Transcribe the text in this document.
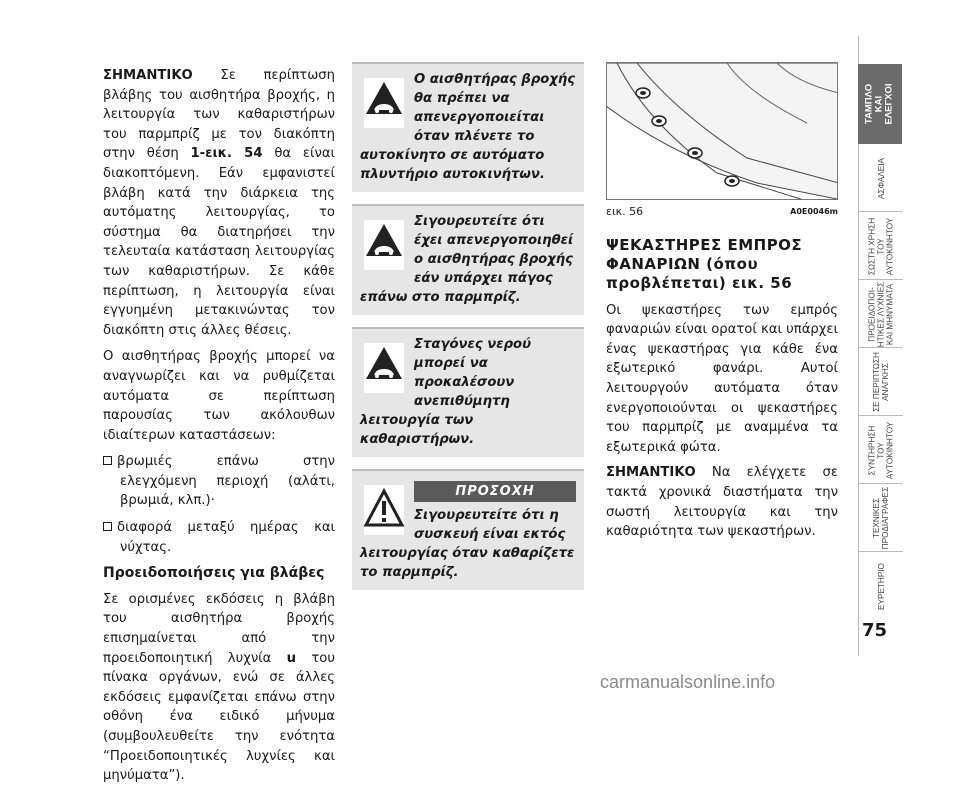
ΣΗΜΑΝΤΙΚΟ Σε περίπτωση βλάβης του αισθητήρα βροχής, η λειτουργία των καθαριστήρων του παρμπρίζ με τον διακόπτη στην θέση 1-εικ. 54 θα είναι διακοπτόμενη. Εάν εμφανιστεί βλάβη κατά την διάρκεια της αυτόματης λειτουργίας, το σύστημα θα διατηρήσει την τελευταία κατάσταση λειτουργίας των καθαριστήρων. Σε κάθε περίπτωση, η λειτουργία είναι εγγυημένη μετακινώντας τον διακόπτη στις άλλες θέσεις.

Ο αισθητήρας βροχής μπορεί να αναγνωρίζει και να ρυθμίζεται αυτόματα σε περίπτωση παρουσίας των ακόλουθων ιδιαίτερων καταστάσεων:

βρωμιές επάνω στην ελεγχόμενη περιοχή (αλάτι, βρωμιά, κλπ.)·

διαφορά μεταξύ ημέρας και νύχτας.

Προειδοποιήσεις για βλάβες

Σε ορισμένες εκδόσεις η βλάβη του αισθητήρα βροχής επισημαίνεται από την προειδοποιητική λυχνία u του πίνακα οργάνων, ενώ σε άλλες εκδόσεις εμφανίζεται επάνω στην οθόνη ένα ειδικό μήνυμα (συμβουλευθείτε την ενότητα “Προειδοποιητικές λυχνίες και μηνύματα”).

Ο αισθητήρας βροχής θα πρέπει να απενεργοποιείται όταν πλένετε το αυτοκίνητο σε αυτόματο πλυντήριο αυτοκινήτων.
Σιγουρευτείτε ότι έχει απενεργοποιηθεί ο αισθητήρας βροχής εάν υπάρχει πάγος επάνω στο παρμπρίζ.
Σταγόνες νερού μπορεί να προκαλέσουν ανεπιθύμητη λειτουργία των καθαριστήρων.
ΠΡΟΣΟΧΗ
Σιγουρευτείτε ότι η συσκευή είναι εκτός λειτουργίας όταν καθαρίζετε το παρμπρίζ.
εικ. 56	A0E0046m
ΨΕΚΑΣΤΗΡΕΣ ΕΜΠΡΟΣ ΦΑΝΑΡΙΩΝ (όπου προβλέπεται) εικ. 56

Οι ψεκαστήρες των εμπρός φαναριών είναι ορατοί και υπάρχει ένας ψεκαστήρας για κάθε ένα εξωτερικό φανάρι. Αυτοί λειτουργούν αυτόματα όταν ενεργοποιούνται οι ψεκαστήρες του παρμπρίζ με αναμμένα τα εξωτερικά φώτα.

ΣΗΜΑΝΤΙΚΟ Να ελέγχετε σε τακτά χρονικά διαστήματα την σωστή λειτουργία και την καθαριότητα των ψεκαστήρων.

ΤΑΜΠΛΟ
ΚΑΙ
ΕΛΕΓΧΟΙ
ΑΣΦΑΛΕΙΑ
ΣΩΣΤΗ ΧΡΗΣΗ
ΤΟΥ
ΑΥΤΟΚΙΝΗΤΟΥ
ΠΡΟΕΙΔΟΠΟΙ-
ΗΤΙΚΕΣ ΛΥΧΝΙΕΣ
ΚΑΙ ΜΗΝΥΜΑΤΑ
ΣΕ ΠΕΡΙΠΤΩΣΗ
ΑΝΑΓΚΗΣ
ΣΥΝΤΗΡΗΣΗ
ΤΟΥ
ΑΥΤΟΚΙΝΗΤΟΥ
ΤΕΧΝΙΚΕΣ
ΠΡΟΔΙΑΓΡΑΦΕΣ
ΕΥΡΕΤΗΡΙΟ
75
carmanualsonline.info
